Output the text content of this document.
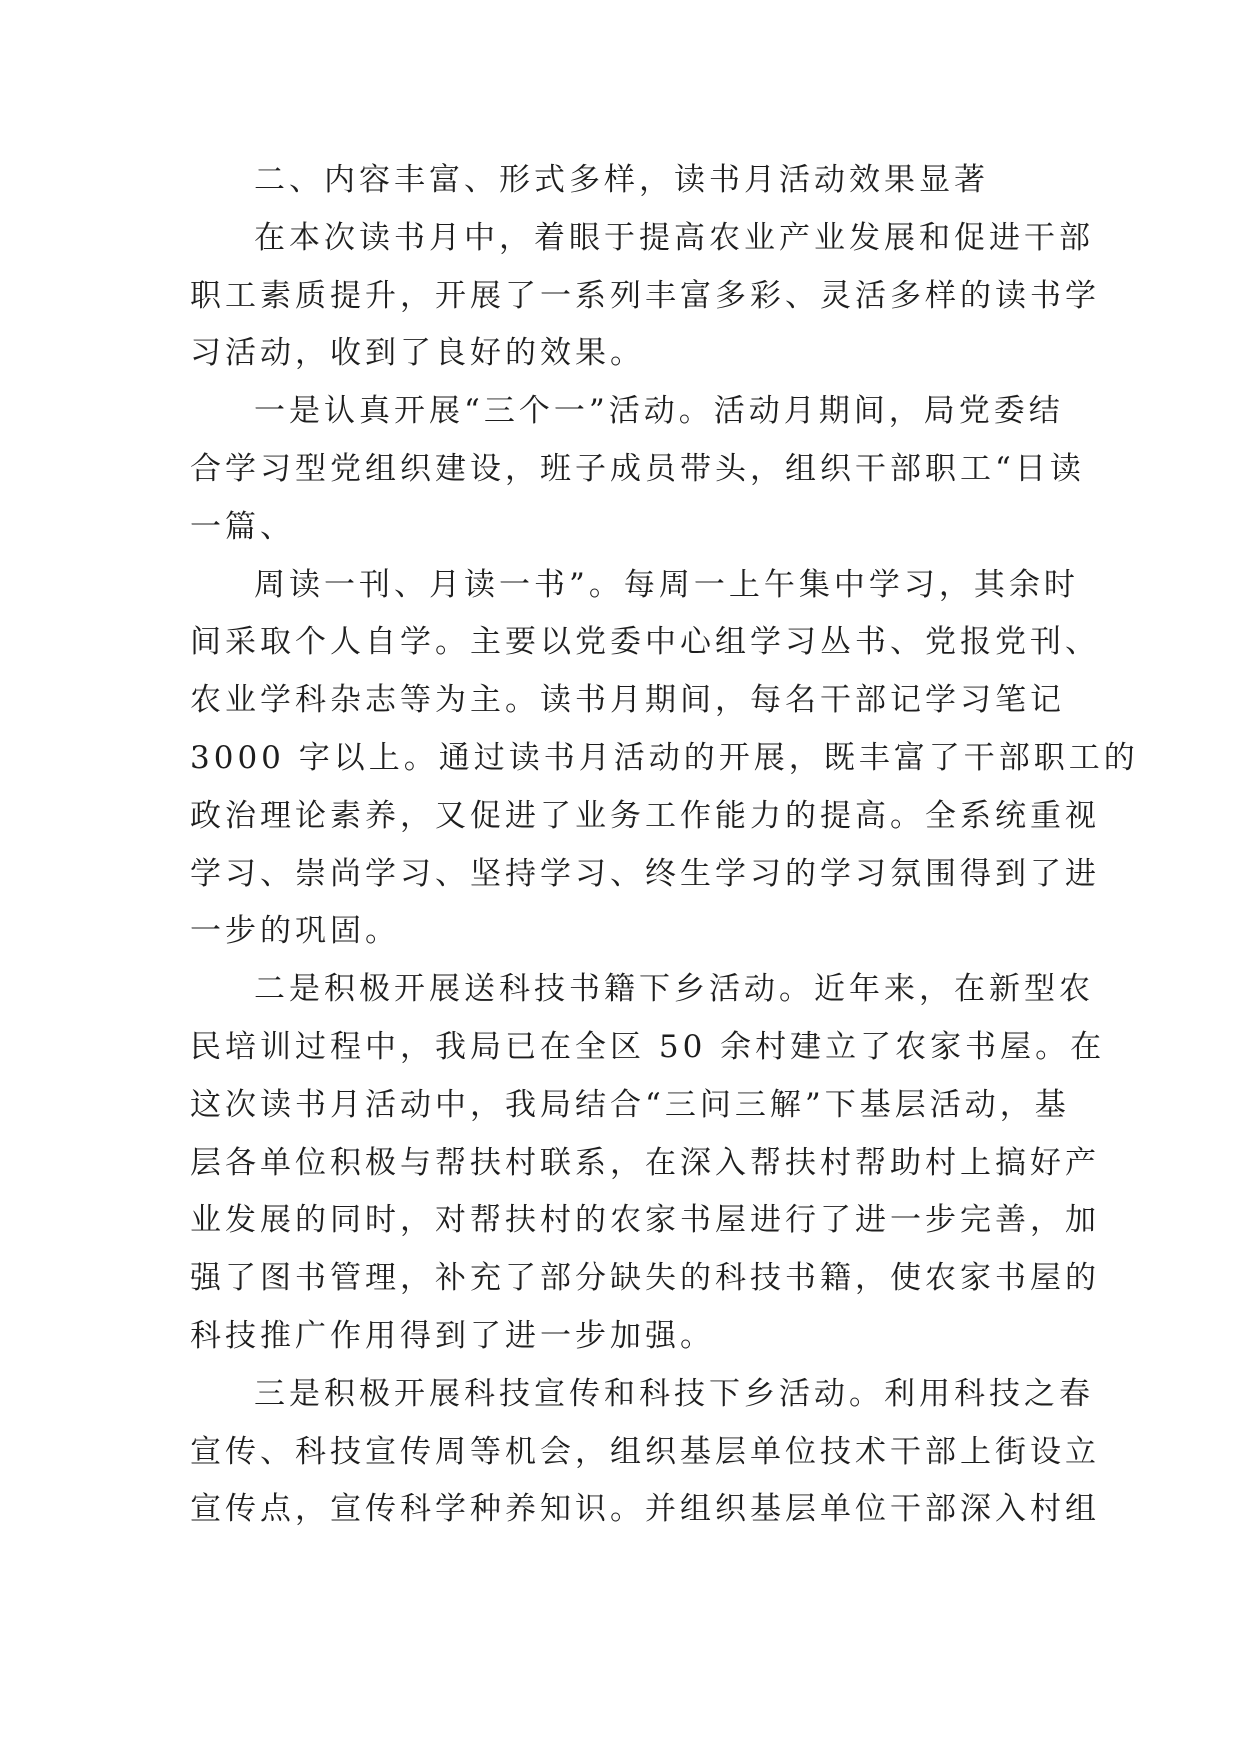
二、内容丰富、形式多样，读书月活动效果显著
在本次读书月中，着眼于提高农业产业发展和促进干部
职工素质提升，开展了一系列丰富多彩、灵活多样的读书学
习活动，收到了良好的效果。
一是认真开展“三个一”活动。活动月期间，局党委结
合学习型党组织建设，班子成员带头，组织干部职工“日读
一篇、
周读一刊、月读一书”。每周一上午集中学习，其余时
间采取个人自学。主要以党委中心组学习丛书、党报党刊、
农业学科杂志等为主。读书月期间，每名干部记学习笔记
3000 字以上。通过读书月活动的开展，既丰富了干部职工的
政治理论素养，又促进了业务工作能力的提高。全系统重视
学习、崇尚学习、坚持学习、终生学习的学习氛围得到了进
一步的巩固。
二是积极开展送科技书籍下乡活动。近年来，在新型农
民培训过程中，我局已在全区 50 余村建立了农家书屋。在
这次读书月活动中，我局结合“三问三解”下基层活动，基
层各单位积极与帮扶村联系，在深入帮扶村帮助村上搞好产
业发展的同时，对帮扶村的农家书屋进行了进一步完善，加
强了图书管理，补充了部分缺失的科技书籍，使农家书屋的
科技推广作用得到了进一步加强。
三是积极开展科技宣传和科技下乡活动。利用科技之春
宣传、科技宣传周等机会，组织基层单位技术干部上街设立
宣传点，宣传科学种养知识。并组织基层单位干部深入村组
